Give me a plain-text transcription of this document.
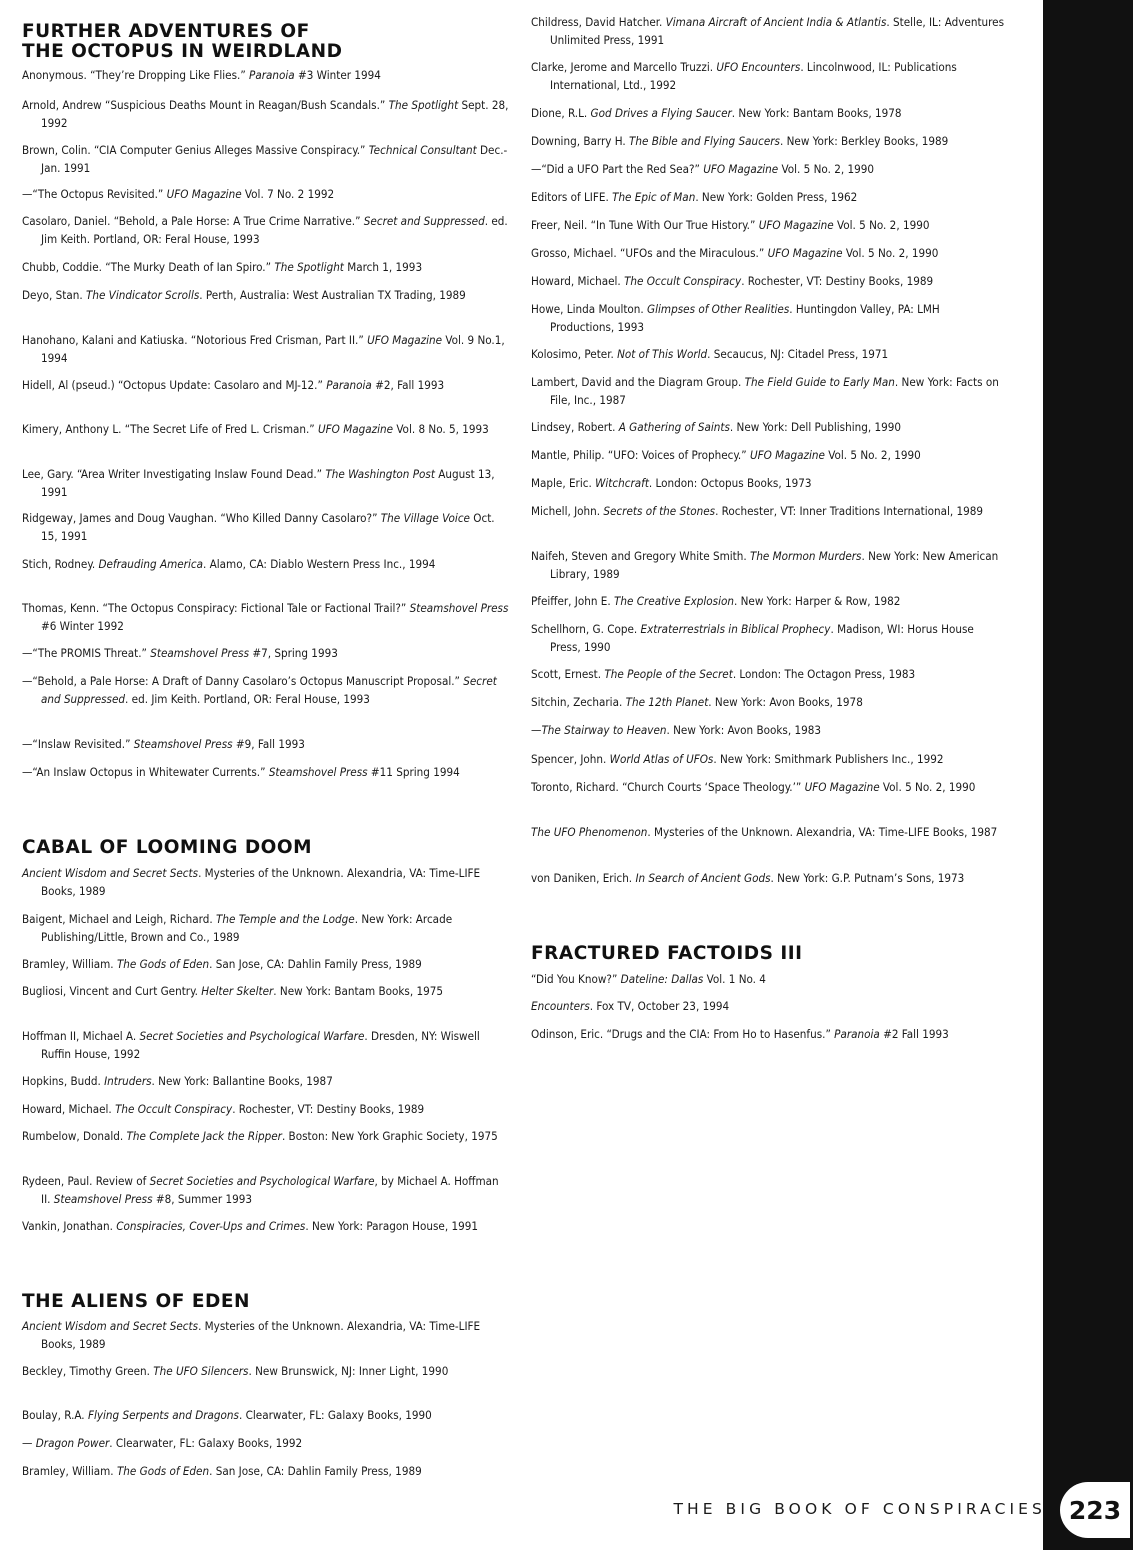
FURTHER ADVENTURES OF
THE OCTOPUS IN WEIRDLAND
CABAL OF LOOMING DOOM
THE ALIENS OF EDEN
Anonymous. “They’re Dropping Like Flies.” Paranoia #3 Winter 1994
Arnold, Andrew “Suspicious Deaths Mount in Reagan/Bush Scandals.” The Spotlight Sept. 28, 1992
Brown, Colin. “CIA Computer Genius Alleges Massive Conspiracy.” Technical Consultant Dec.-Jan. 1991
—“The Octopus Revisited.” UFO Magazine Vol. 7 No. 2 1992
Casolaro, Daniel. “Behold, a Pale Horse: A True Crime Narrative.” Secret and Suppressed. ed. Jim Keith. Portland, OR: Feral House, 1993
Chubb, Coddie. “The Murky Death of Ian Spiro.” The Spotlight March 1, 1993
Deyo, Stan. The Vindicator Scrolls. Perth, Australia: West Australian TX Trading, 1989
Hanohano, Kalani and Katiuska. “Notorious Fred Crisman, Part II.” UFO Magazine Vol. 9 No.1, 1994
Hidell, Al (pseud.) “Octopus Update: Casolaro and MJ-12.” Paranoia #2, Fall 1993
Kimery, Anthony L. “The Secret Life of Fred L. Crisman.” UFO Magazine Vol. 8 No. 5, 1993
Lee, Gary. “Area Writer Investigating Inslaw Found Dead.” The Washington Post August 13, 1991
Ridgeway, James and Doug Vaughan. “Who Killed Danny Casolaro?” The Village Voice Oct. 15, 1991
Stich, Rodney. Defrauding America. Alamo, CA: Diablo Western Press Inc., 1994
Thomas, Kenn. “The Octopus Conspiracy: Fictional Tale or Factional Trail?” Steamshovel Press #6 Winter 1992
—“The PROMIS Threat.” Steamshovel Press #7, Spring 1993
—“Behold, a Pale Horse: A Draft of Danny Casolaro’s Octopus Manuscript Proposal.” Secret and Suppressed. ed. Jim Keith. Portland, OR: Feral House, 1993
—“Inslaw Revisited.” Steamshovel Press #9, Fall 1993
—“An Inslaw Octopus in Whitewater Currents.” Steamshovel Press #11 Spring 1994
Ancient Wisdom and Secret Sects. Mysteries of the Unknown. Alexandria, VA: Time-LIFE Books, 1989
Baigent, Michael and Leigh, Richard. The Temple and the Lodge. New York: Arcade Publishing/Little, Brown and Co., 1989
Bramley, William. The Gods of Eden. San Jose, CA: Dahlin Family Press, 1989
Bugliosi, Vincent and Curt Gentry. Helter Skelter. New York: Bantam Books, 1975
Hoffman II, Michael A. Secret Societies and Psychological Warfare. Dresden, NY: Wiswell Ruffin House, 1992
Hopkins, Budd. Intruders. New York: Ballantine Books, 1987
Howard, Michael. The Occult Conspiracy. Rochester, VT: Destiny Books, 1989
Rumbelow, Donald. The Complete Jack the Ripper. Boston: New York Graphic Society, 1975
Rydeen, Paul. Review of Secret Societies and Psychological Warfare, by Michael A. Hoffman II. Steamshovel Press #8, Summer 1993
Vankin, Jonathan. Conspiracies, Cover-Ups and Crimes. New York: Paragon House, 1991
Ancient Wisdom and Secret Sects. Mysteries of the Unknown. Alexandria, VA: Time-LIFE Books, 1989
Beckley, Timothy Green. The UFO Silencers. New Brunswick, NJ: Inner Light, 1990
Boulay, R.A. Flying Serpents and Dragons. Clearwater, FL: Galaxy Books, 1990
— Dragon Power. Clearwater, FL: Galaxy Books, 1992
Bramley, William. The Gods of Eden. San Jose, CA: Dahlin Family Press, 1989
FRACTURED FACTOIDS III
Childress, David Hatcher. Vimana Aircraft of Ancient India & Atlantis. Stelle, IL: Adventures Unlimited Press, 1991
Clarke, Jerome and Marcello Truzzi. UFO Encounters. Lincolnwood, IL: Publications International, Ltd., 1992
Dione, R.L. God Drives a Flying Saucer. New York: Bantam Books, 1978
Downing, Barry H. The Bible and Flying Saucers. New York: Berkley Books, 1989
—“Did a UFO Part the Red Sea?” UFO Magazine Vol. 5 No. 2, 1990
Editors of LIFE. The Epic of Man. New York: Golden Press, 1962
Freer, Neil. “In Tune With Our True History.” UFO Magazine Vol. 5 No. 2, 1990
Grosso, Michael. “UFOs and the Miraculous.” UFO Magazine Vol. 5 No. 2, 1990
Howard, Michael. The Occult Conspiracy. Rochester, VT: Destiny Books, 1989
Howe, Linda Moulton. Glimpses of Other Realities. Huntingdon Valley, PA: LMH Productions, 1993
Kolosimo, Peter. Not of This World. Secaucus, NJ: Citadel Press, 1971
Lambert, David and the Diagram Group. The Field Guide to Early Man. New York: Facts on File, Inc., 1987
Lindsey, Robert. A Gathering of Saints. New York: Dell Publishing, 1990
Mantle, Philip. “UFO: Voices of Prophecy.” UFO Magazine Vol. 5 No. 2, 1990
Maple, Eric. Witchcraft. London: Octopus Books, 1973
Michell, John. Secrets of the Stones. Rochester, VT: Inner Traditions International, 1989
Naifeh, Steven and Gregory White Smith. The Mormon Murders. New York: New American Library, 1989
Pfeiffer, John E. The Creative Explosion. New York: Harper & Row, 1982
Schellhorn, G. Cope. Extraterrestrials in Biblical Prophecy. Madison, WI: Horus House Press, 1990
Scott, Ernest. The People of the Secret. London: The Octagon Press, 1983
Sitchin, Zecharia. The 12th Planet. New York: Avon Books, 1978
—The Stairway to Heaven. New York: Avon Books, 1983
Spencer, John. World Atlas of UFOs. New York: Smithmark Publishers Inc., 1992
Toronto, Richard. “Church Courts ‘Space Theology.’” UFO Magazine Vol. 5 No. 2, 1990
The UFO Phenomenon. Mysteries of the Unknown. Alexandria, VA: Time-LIFE Books, 1987
von Daniken, Erich. In Search of Ancient Gods. New York: G.P. Putnam’s Sons, 1973
“Did You Know?” Dateline: Dallas Vol. 1 No. 4
Encounters. Fox TV, October 23, 1994
Odinson, Eric. “Drugs and the CIA: From Ho to Hasenfus.” Paranoia #2 Fall 1993
THE BIG BOOK OF CONSPIRACIES 223
